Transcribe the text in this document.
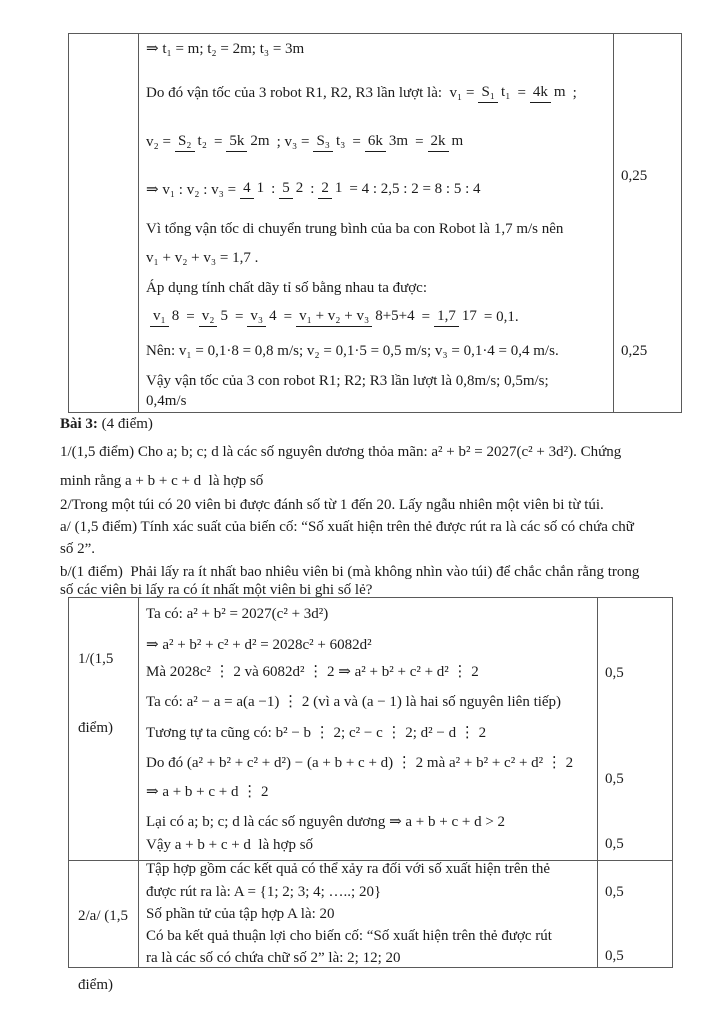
⇒ t₁ = m; t₂ = 2m; t₃ = 3m
Do đó vận tốc của 3 robot R1, R2, R3 lần lượt là:  v₁ = S₁ t₁ = 4k m ;
v₂ = S₂ t₂ = 5k 2m ; v₃ = S₃ t₃ = 6k 3m = 2k m
⇒ v₁ : v₂ : v₃ = 4 1 : 5 2 : 2 1 = 4 : 2,5 : 2 = 8 : 5 : 4
Vì tổng vận tốc di chuyển trung bình của ba con Robot là 1,7 m/s nên
v₁ + v₂ + v₃ = 1,7 .
Áp dụng tính chất dãy tỉ số bằng nhau ta được:
v₁ 8 = v₂ 5 = v₃ 4 = v₁ + v₂ + v₃ 8+5+4 = 1,7 17 = 0,1.
Nên: v₁ = 0,1·8 = 0,8 m/s; v₂ = 0,1·5 = 0,5 m/s; v₃ = 0,1·4 = 0,4 m/s.
Vậy vận tốc của 3 con robot R1; R2; R3 lần lượt là 0,8m/s; 0,5m/s;
0,4m/s
0,25
0,25
Bài 3: (4 điểm)
1/(1,5 điểm) Cho a; b; c; d là các số nguyên dương thỏa mãn: a² + b² = 2027(c² + 3d²). Chứng
minh rằng a + b + c + d  là hợp số
2/Trong một túi có 20 viên bi được đánh số từ 1 đến 20. Lấy ngẫu nhiên một viên bi từ túi.
a/ (1,5 điểm) Tính xác suất của biến cố: “Số xuất hiện trên thẻ được rút ra là các số có chứa chữ
số 2”.
b/(1 điểm)  Phải lấy ra ít nhất bao nhiêu viên bi (mà không nhìn vào túi) để chắc chắn rằng trong
số các viên bi lấy ra có ít nhất một viên bi ghi số lẻ?

1/(1,5

điểm)

Ta có: a² + b² = 2027(c² + 3d²)
⇒ a² + b² + c² + d² = 2028c² + 6082d²
Mà 2028c² ⋮ 2 và 6082d² ⋮ 2 ⇒ a² + b² + c² + d² ⋮ 2
Ta có: a² − a = a(a −1) ⋮ 2 (vì a và (a − 1) là hai số nguyên liên tiếp)
Tương tự ta cũng có: b² − b ⋮ 2; c² − c ⋮ 2; d² − d ⋮ 2
Do đó (a² + b² + c² + d²) − (a + b + c + d) ⋮ 2 mà a² + b² + c² + d² ⋮ 2
⇒ a + b + c + d ⋮ 2
Lại có a; b; c; d là các số nguyên dương ⇒ a + b + c + d > 2
Vậy a + b + c + d  là hợp số
0,5
0,5
0,5

2/a/ (1,5

điểm)

Tập hợp gồm các kết quả có thể xảy ra đối với số xuất hiện trên thẻ
được rút ra là: A = {1; 2; 3; 4; …..; 20}
Số phần tử của tập hợp A là: 20
Có ba kết quả thuận lợi cho biến cố: “Số xuất hiện trên thẻ được rút
ra là các số có chứa chữ số 2” là: 2; 12; 20
0,5
0,5
